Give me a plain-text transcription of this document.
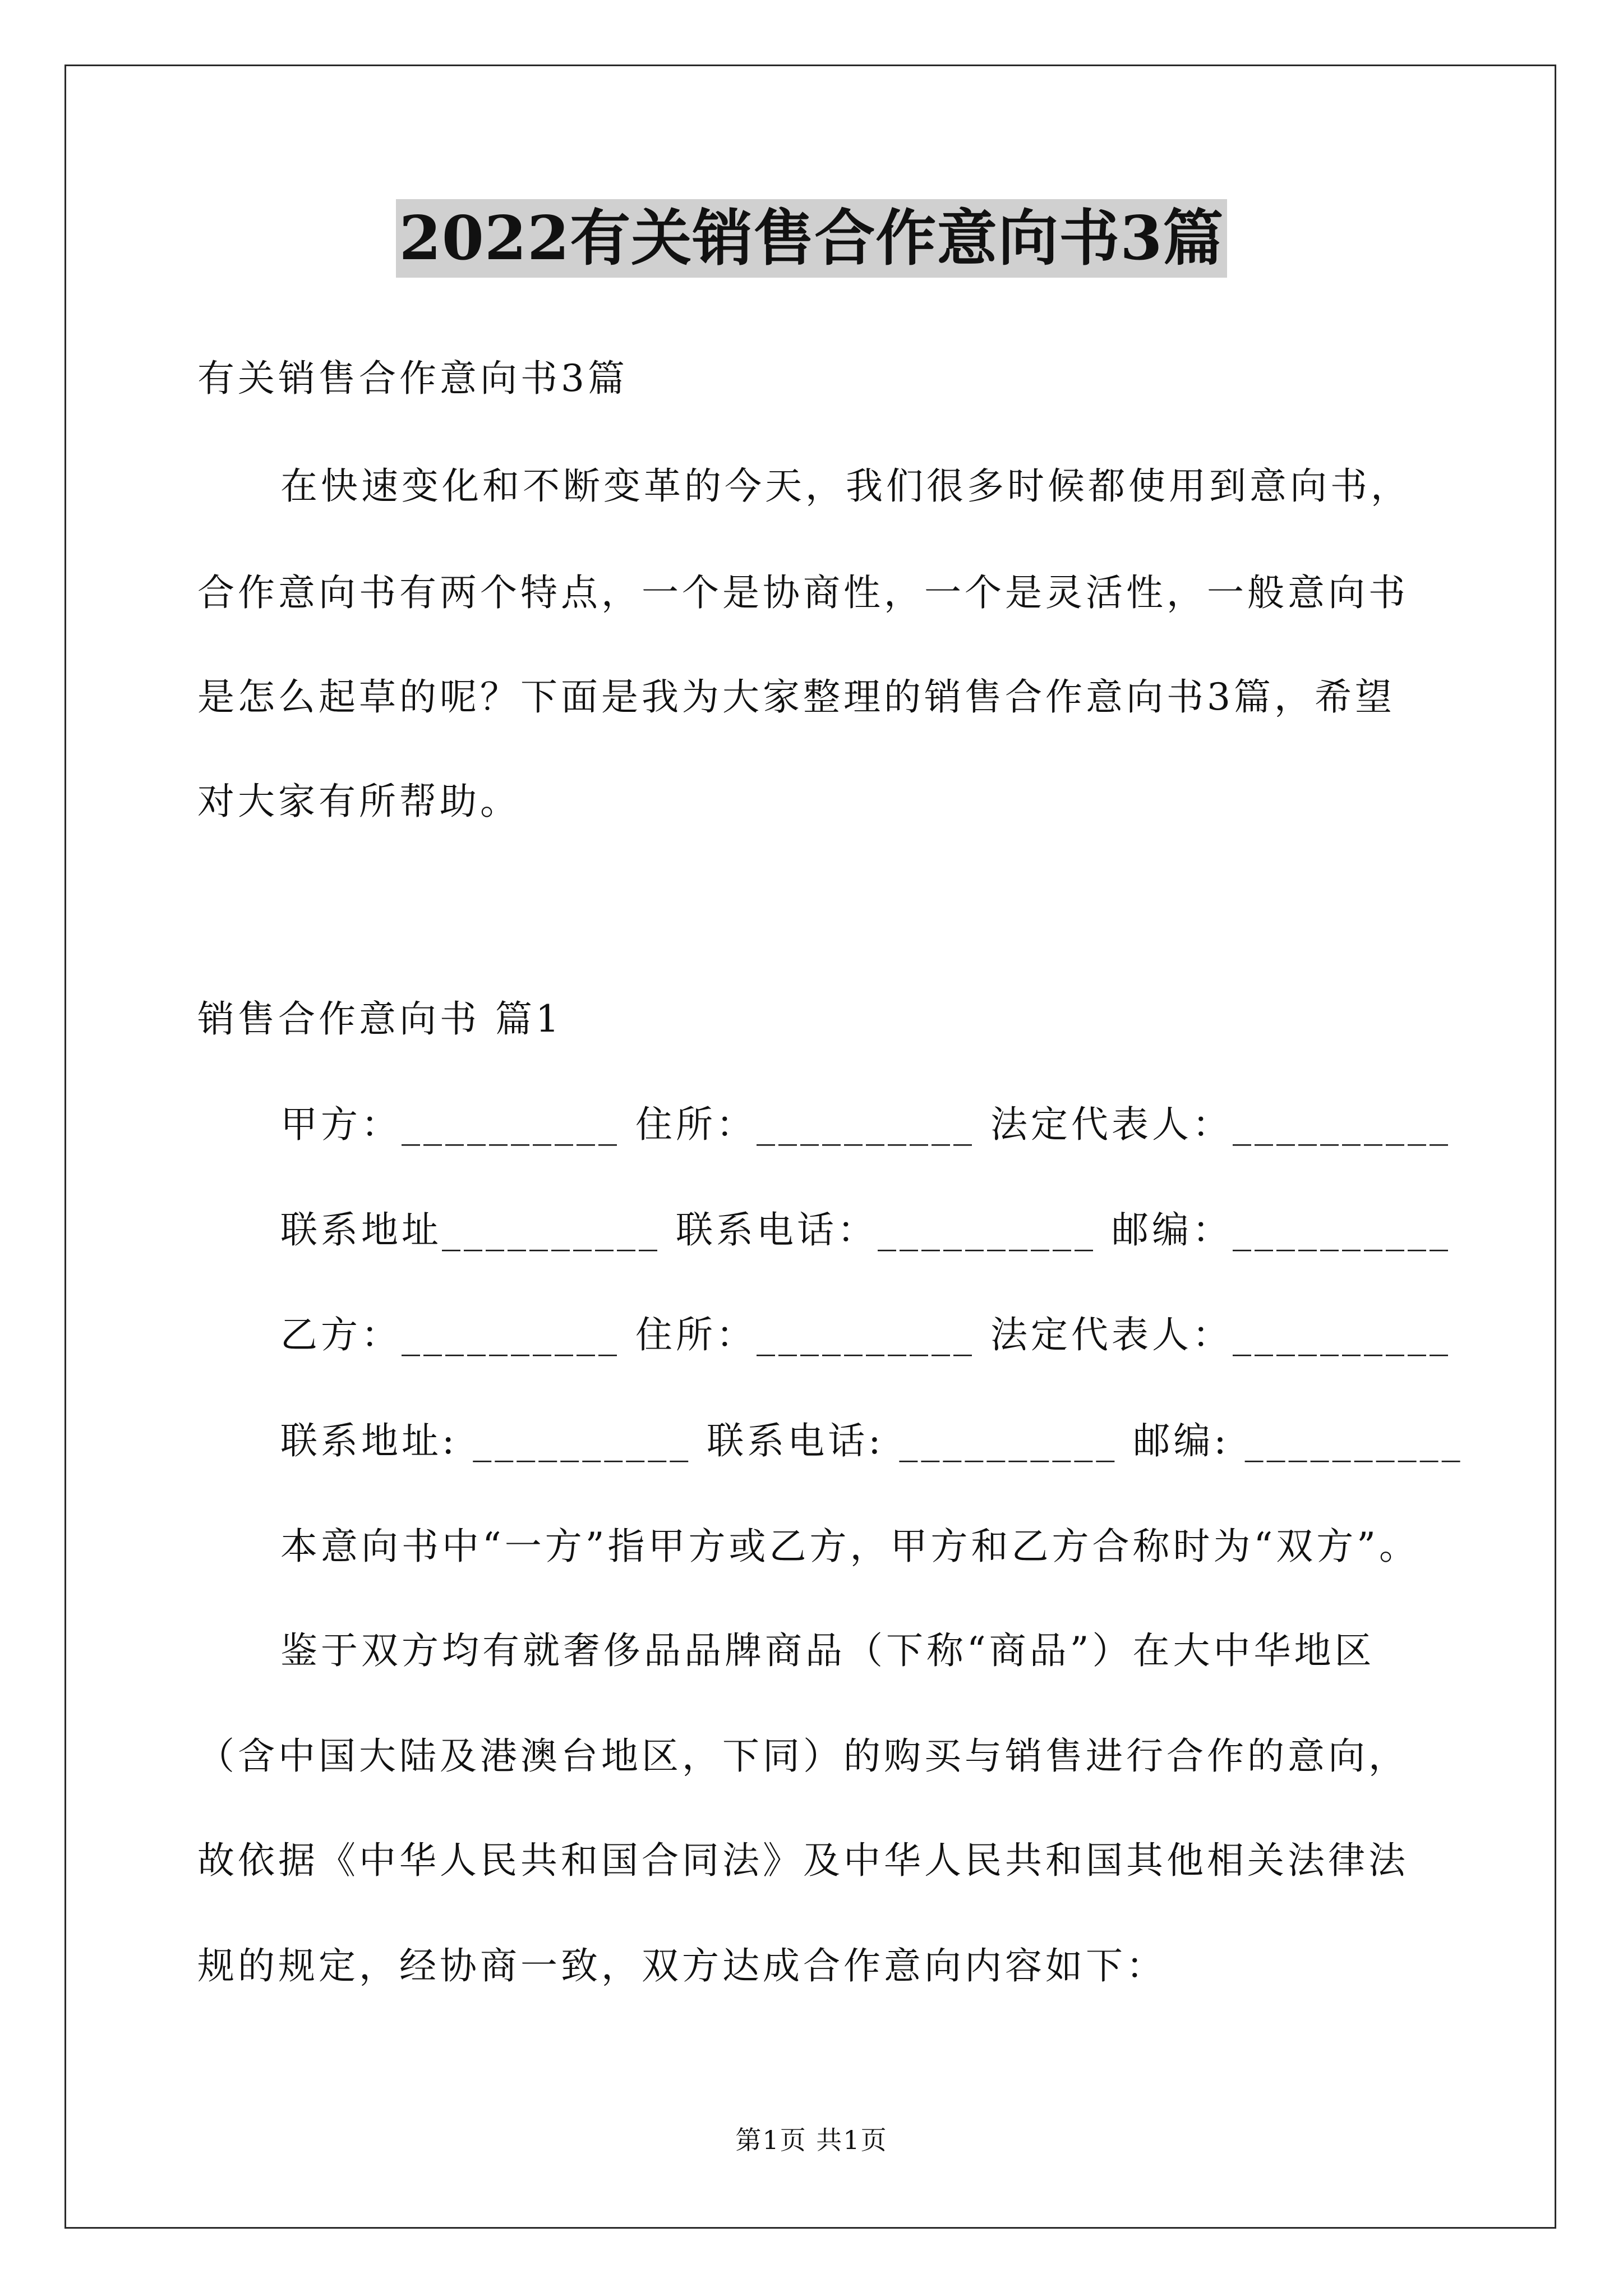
2022有关销售合作意向书3篇
有关销售合作意向书3篇
在快速变化和不断变革的今天，我们很多时候都使用到意向书，
合作意向书有两个特点，一个是协商性，一个是灵活性，一般意向书
是怎么起草的呢？下面是我为大家整理的销售合作意向书3篇，希望
对大家有所帮助。
销售合作意向书 篇1
甲方：__________ 住所：__________ 法定代表人：__________
联系地址__________ 联系电话：__________ 邮编：__________
乙方：__________ 住所：__________ 法定代表人：__________
联系地址: __________ 联系电话: __________ 邮编: __________
本意向书中“一方”指甲方或乙方，甲方和乙方合称时为“双方”。
鉴于双方均有就奢侈品品牌商品（下称“商品”）在大中华地区
（含中国大陆及港澳台地区，下同）的购买与销售进行合作的意向，
故依据《中华人民共和国合同法》及中华人民共和国其他相关法律法
规的规定，经协商一致，双方达成合作意向内容如下：
第1页 共1页
